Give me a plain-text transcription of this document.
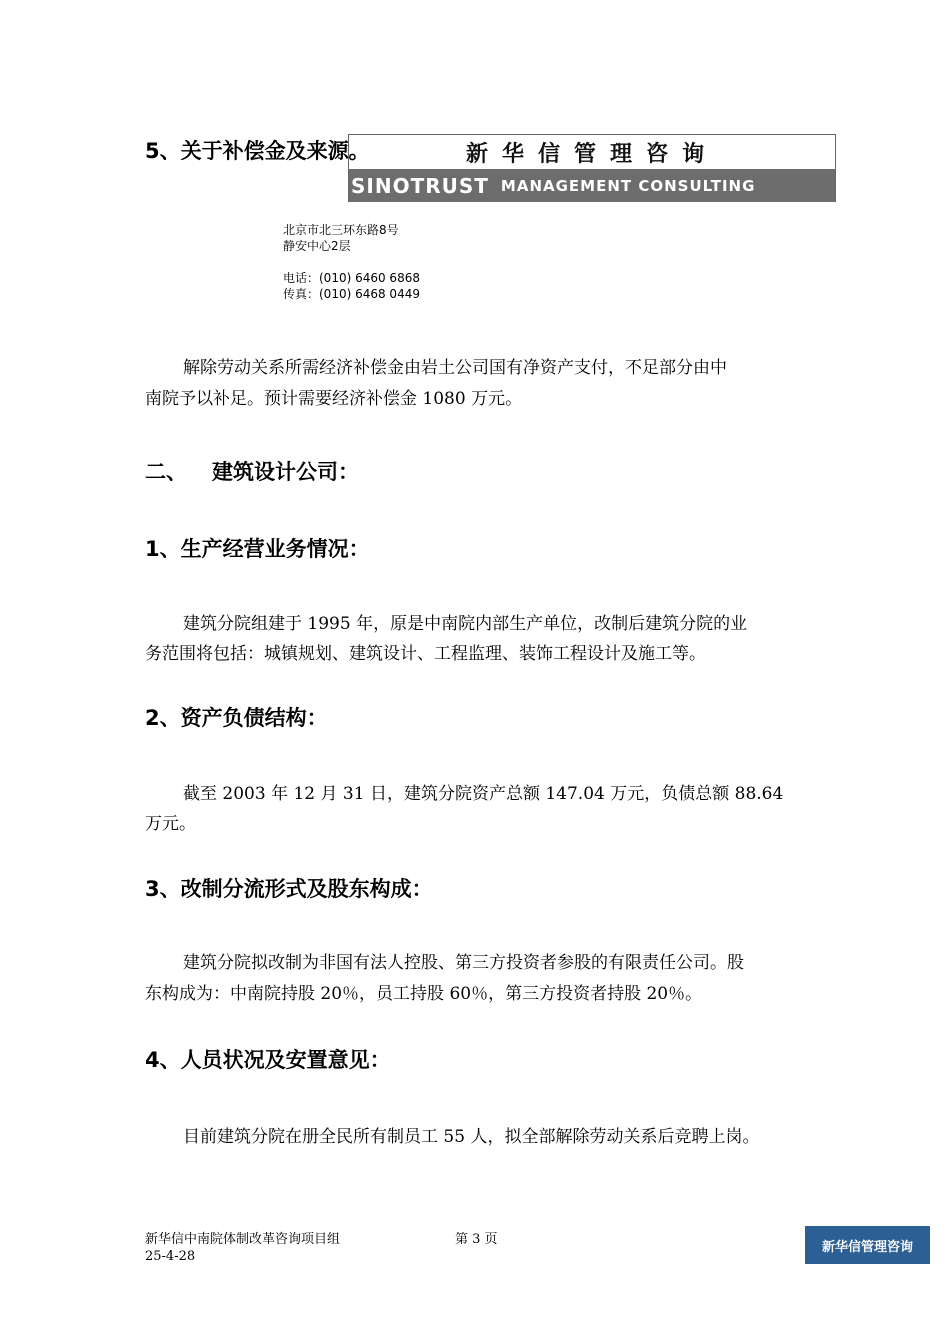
5、关于补偿金及来源。	新华信管理咨询
SINOTRUST MANAGEMENT CONSULTING
北京市北三环东路8号
静安中心2层
电话：(010) 6460 6868
传真：(010) 6468 0449
解除劳动关系所需经济补偿金由岩土公司国有净资产支付，不足部分由中
南院予以补足。预计需要经济补偿金 1080 万元。
二、 建筑设计公司：
1、生产经营业务情况：
建筑分院组建于 1995 年，原是中南院内部生产单位，改制后建筑分院的业
务范围将包括：城镇规划、建筑设计、工程监理、装饰工程设计及施工等。
2、资产负债结构：
截至 2003 年 12 月 31 日，建筑分院资产总额 147.04 万元，负债总额 88.64
万元。
3、改制分流形式及股东构成：
建筑分院拟改制为非国有法人控股、第三方投资者参股的有限责任公司。股
东构成为：中南院持股 20％，员工持股 60％，第三方投资者持股 20％。
4、人员状况及安置意见：
目前建筑分院在册全民所有制员工 55 人，拟全部解除劳动关系后竞聘上岗。
新华信中南院体制改革咨询项目组
25-4-28
第 3 页	新华信管理咨询
